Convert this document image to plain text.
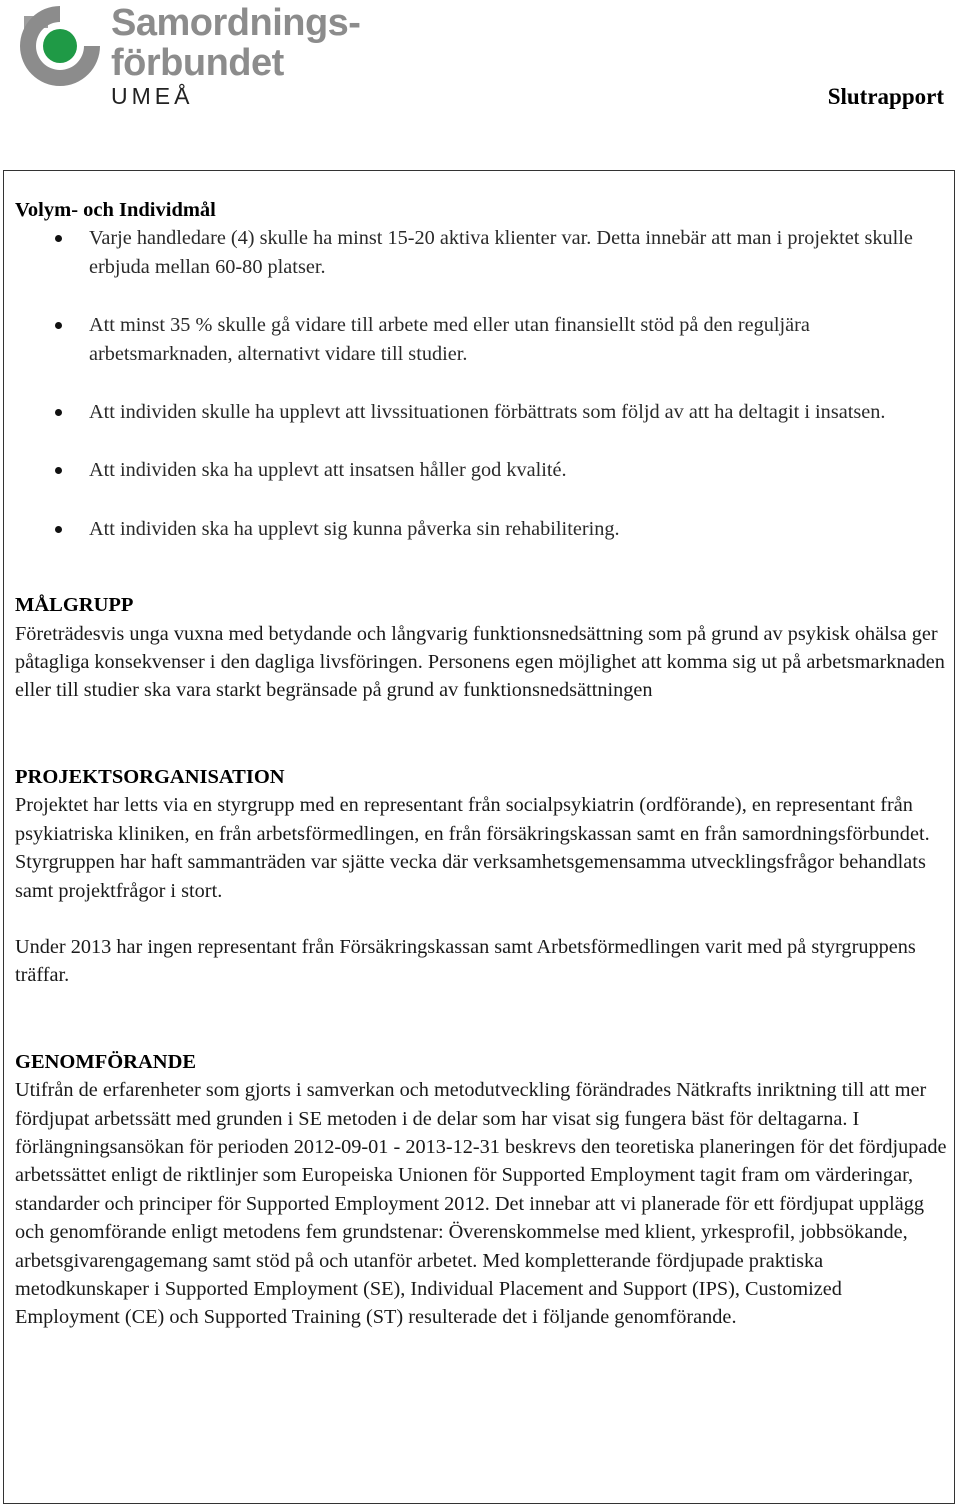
Samordnings-
förbundet
UMEÅ	Slutrapport
Volym- och Individmål
Varje handledare (4) skulle ha minst 15-20 aktiva klienter var. Detta innebär att man i projektet skulle erbjuda mellan 60-80 platser.
Att minst 35 % skulle gå vidare till arbete med eller utan finansiellt stöd på den reguljära arbetsmarknaden, alternativt vidare till studier.
Att individen skulle ha upplevt att livssituationen förbättrats som följd av att ha deltagit i insatsen.
Att individen ska ha upplevt att insatsen håller god kvalité.
Att individen ska ha upplevt sig kunna påverka sin rehabilitering.
MÅLGRUPP

Företrädesvis unga vuxna med betydande och långvarig funktionsnedsättning som på grund av psykisk ohälsa ger påtagliga konsekvenser i den dagliga livsföringen. Personens egen möjlighet att komma sig ut på arbetsmarknaden eller till studier ska vara starkt begränsade på grund av funktionsnedsättningen

PROJEKTSORGANISATION

Projektet har letts via en styrgrupp med en representant från socialpsykiatrin (ordförande), en representant från psykiatriska kliniken, en från arbetsförmedlingen, en från försäkringskassan samt en från samordningsförbundet. Styrgruppen har haft sammanträden var sjätte vecka där verksamhetsgemensamma utvecklingsfrågor behandlats samt projektfrågor i stort.

Under 2013 har ingen representant från Försäkringskassan samt Arbetsförmedlingen varit med på styrgruppens träffar.

GENOMFÖRANDE

Utifrån de erfarenheter som gjorts i samverkan och metodutveckling förändrades Nätkrafts inriktning till att mer fördjupat arbetssätt med grunden i SE metoden i de delar som har visat sig fungera bäst för deltagarna. I förlängningsansökan för perioden 2012-09-01 - 2013-12-31 beskrevs den teoretiska planeringen för det fördjupade arbetssättet enligt de riktlinjer som Europeiska Unionen för Supported Employment tagit fram om värderingar, standarder och principer för Supported Employment 2012. Det innebar att vi planerade för ett fördjupat upplägg och genomförande enligt metodens fem grundstenar: Överenskommelse med klient, yrkesprofil, jobbsökande, arbetsgivarengagemang samt stöd på och utanför arbetet. Med kompletterande fördjupade praktiska metodkunskaper i Supported Employment (SE), Individual Placement and Support (IPS), Customized Employment (CE) och Supported Training (ST) resulterade det i följande genomförande.
